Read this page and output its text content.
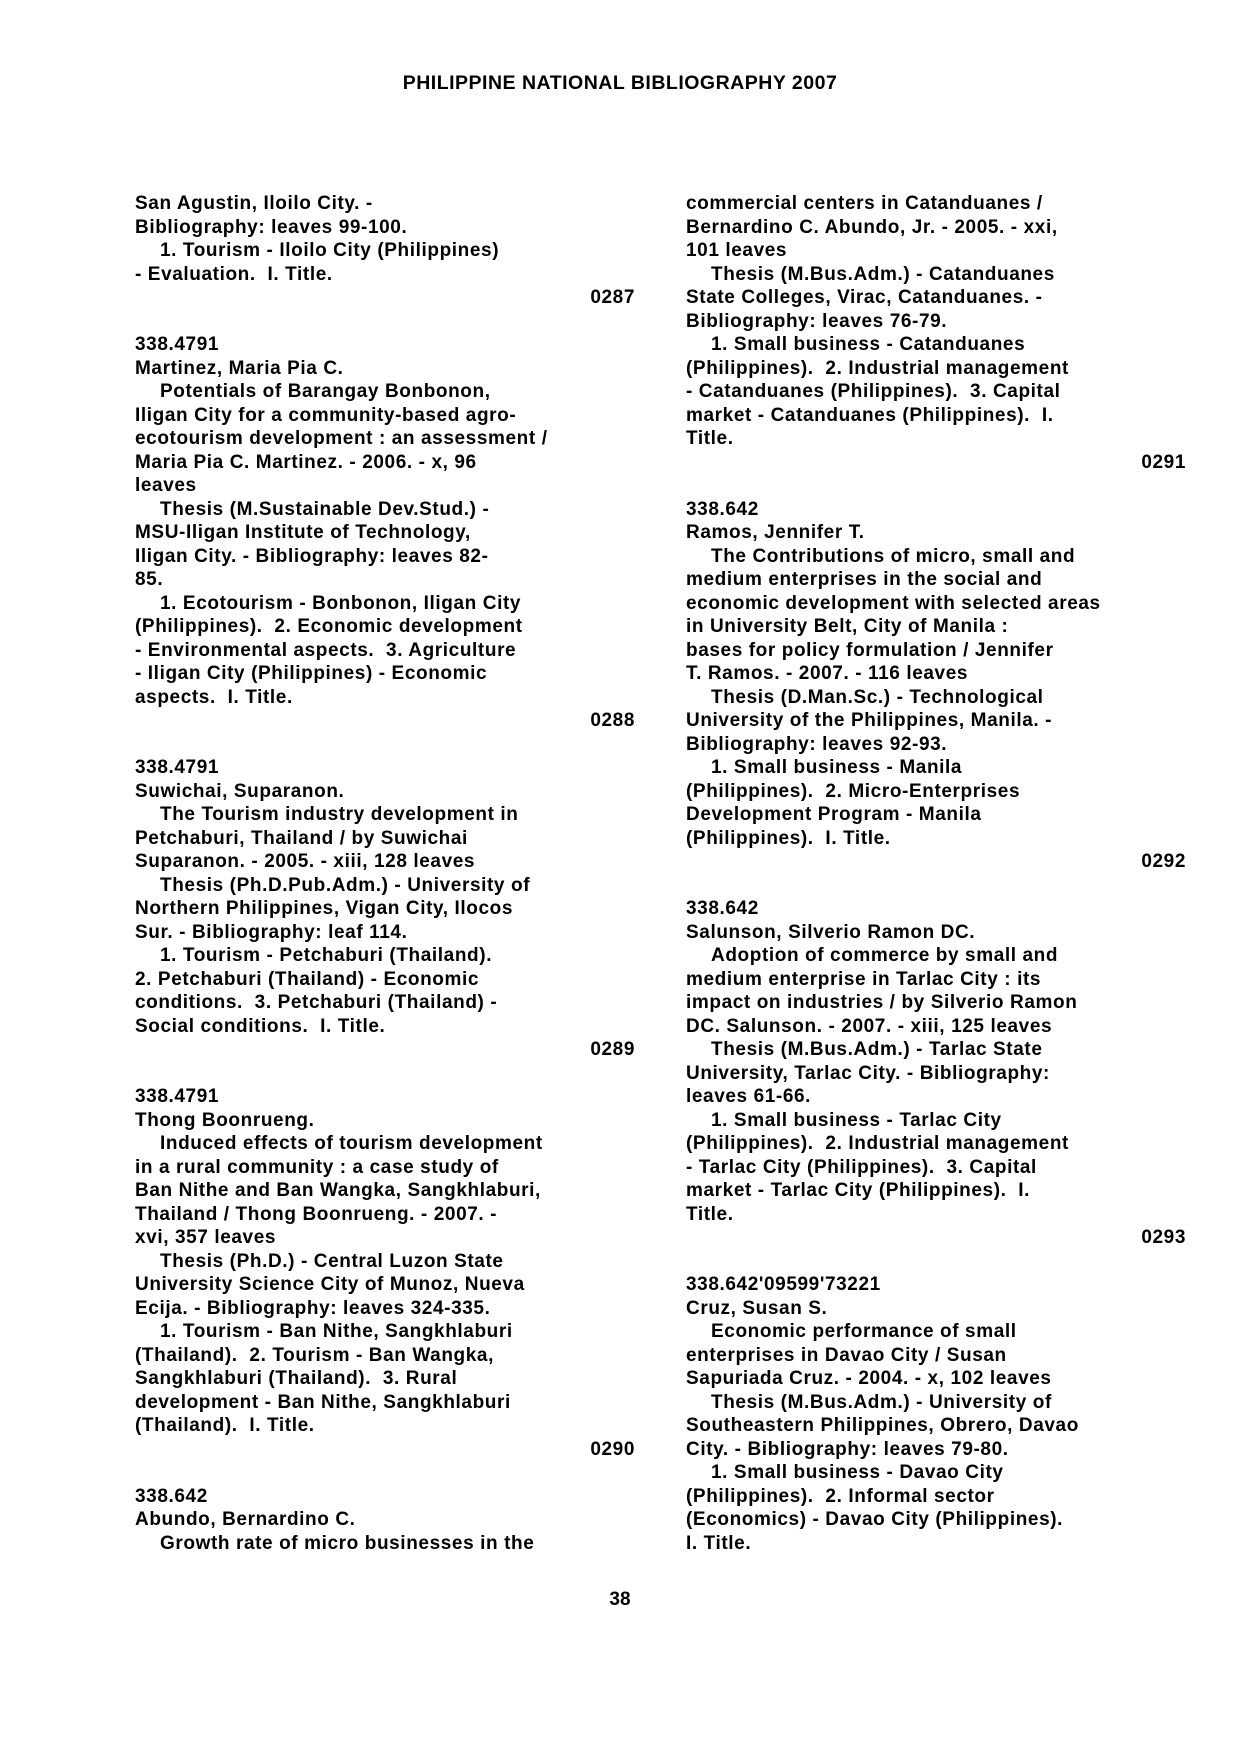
PHILIPPINE NATIONAL BIBLIOGRAPHY 2007
San Agustin, Iloilo City. -
Bibliography: leaves 99-100.
1. Tourism - Iloilo City (Philippines)
- Evaluation.  I. Title.
0287
338.4791
Martinez, Maria Pia C.
Potentials of Barangay Bonbonon,
Iligan City for a community-based agro-
ecotourism development : an assessment /
Maria Pia C. Martinez. - 2006. - x, 96
leaves
Thesis (M.Sustainable Dev.Stud.) -
MSU-Iligan Institute of Technology,
Iligan City. - Bibliography: leaves 82-
85.
1. Ecotourism - Bonbonon, Iligan City
(Philippines).  2. Economic development
- Environmental aspects.  3. Agriculture
- Iligan City (Philippines) - Economic
aspects.  I. Title.
0288
338.4791
Suwichai, Suparanon.
The Tourism industry development in
Petchaburi, Thailand / by Suwichai
Suparanon. - 2005. - xiii, 128 leaves
Thesis (Ph.D.Pub.Adm.) - University of
Northern Philippines, Vigan City, Ilocos
Sur. - Bibliography: leaf 114.
1. Tourism - Petchaburi (Thailand).
2. Petchaburi (Thailand) - Economic
conditions.  3. Petchaburi (Thailand) -
Social conditions.  I. Title.
0289
338.4791
Thong Boonrueng.
Induced effects of tourism development
in a rural community : a case study of
Ban Nithe and Ban Wangka, Sangkhlaburi,
Thailand / Thong Boonrueng. - 2007. -
xvi, 357 leaves
Thesis (Ph.D.) - Central Luzon State
University Science City of Munoz, Nueva
Ecija. - Bibliography: leaves 324-335.
1. Tourism - Ban Nithe, Sangkhlaburi
(Thailand).  2. Tourism - Ban Wangka,
Sangkhlaburi (Thailand).  3. Rural
development - Ban Nithe, Sangkhlaburi
(Thailand).  I. Title.
0290
338.642
Abundo, Bernardino C.
Growth rate of micro businesses in the
commercial centers in Catanduanes /
Bernardino C. Abundo, Jr. - 2005. - xxi,
101 leaves
Thesis (M.Bus.Adm.) - Catanduanes
State Colleges, Virac, Catanduanes. -
Bibliography: leaves 76-79.
1. Small business - Catanduanes
(Philippines).  2. Industrial management
- Catanduanes (Philippines).  3. Capital
market - Catanduanes (Philippines).  I.
Title.
0291
338.642
Ramos, Jennifer T.
The Contributions of micro, small and
medium enterprises in the social and
economic development with selected areas
in University Belt, City of Manila :
bases for policy formulation / Jennifer
T. Ramos. - 2007. - 116 leaves
Thesis (D.Man.Sc.) - Technological
University of the Philippines, Manila. -
Bibliography: leaves 92-93.
1. Small business - Manila
(Philippines).  2. Micro-Enterprises
Development Program - Manila
(Philippines).  I. Title.
0292
338.642
Salunson, Silverio Ramon DC.
Adoption of commerce by small and
medium enterprise in Tarlac City : its
impact on industries / by Silverio Ramon
DC. Salunson. - 2007. - xiii, 125 leaves
Thesis (M.Bus.Adm.) - Tarlac State
University, Tarlac City. - Bibliography:
leaves 61-66.
1. Small business - Tarlac City
(Philippines).  2. Industrial management
- Tarlac City (Philippines).  3. Capital
market - Tarlac City (Philippines).  I.
Title.
0293
338.642'09599'73221
Cruz, Susan S.
Economic performance of small
enterprises in Davao City / Susan
Sapuriada Cruz. - 2004. - x, 102 leaves
Thesis (M.Bus.Adm.) - University of
Southeastern Philippines, Obrero, Davao
City. - Bibliography: leaves 79-80.
1. Small business - Davao City
(Philippines).  2. Informal sector
(Economics) - Davao City (Philippines).
I. Title.
38
